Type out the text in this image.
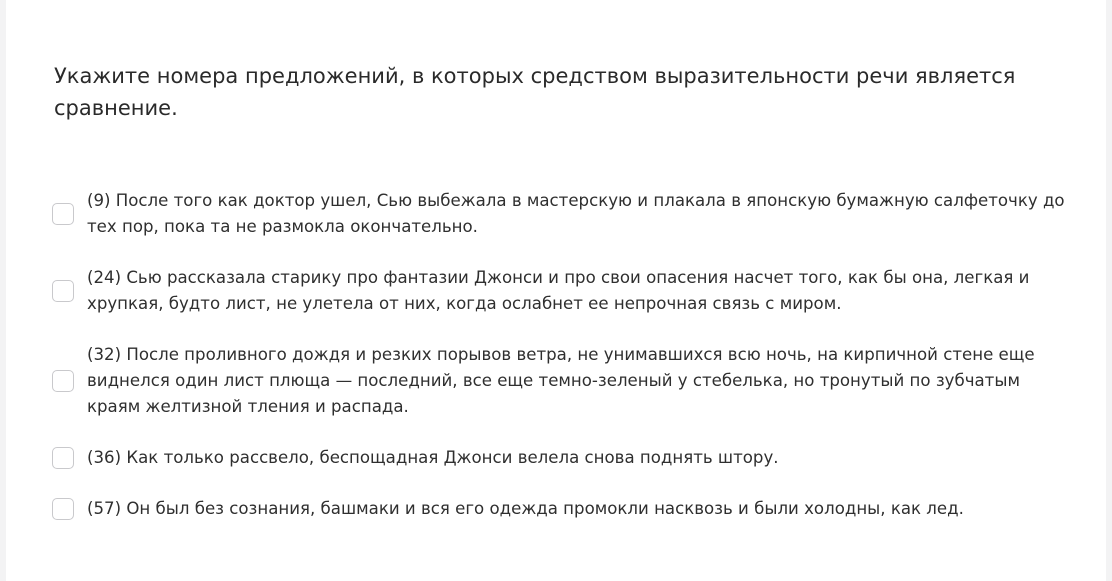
Укажите номера предложений, в которых средством выразительности речи является сравнение.
(9) После того как доктор ушел, Сью выбежала в мастерскую и плакала в японскую бумажную салфеточку до тех пор, пока та не размокла окончательно.
(24) Сью рассказала старику про фантазии Джонси и про свои опасения насчет того, как бы она, легкая и хрупкая, будто лист, не улетела от них, когда ослабнет ее непрочная связь с миром.
(32) После проливного дождя и резких порывов ветра, не унимавшихся всю ночь, на кирпичной стене еще виднелся один лист плюща — последний, все еще темно-зеленый у стебелька, но тронутый по зубчатым краям желтизной тления и распада.
(36) Как только рассвело, беспощадная Джонси велела снова поднять штору.
(57) Он был без сознания, башмаки и вся его одежда промокли насквозь и были холодны, как лед.
